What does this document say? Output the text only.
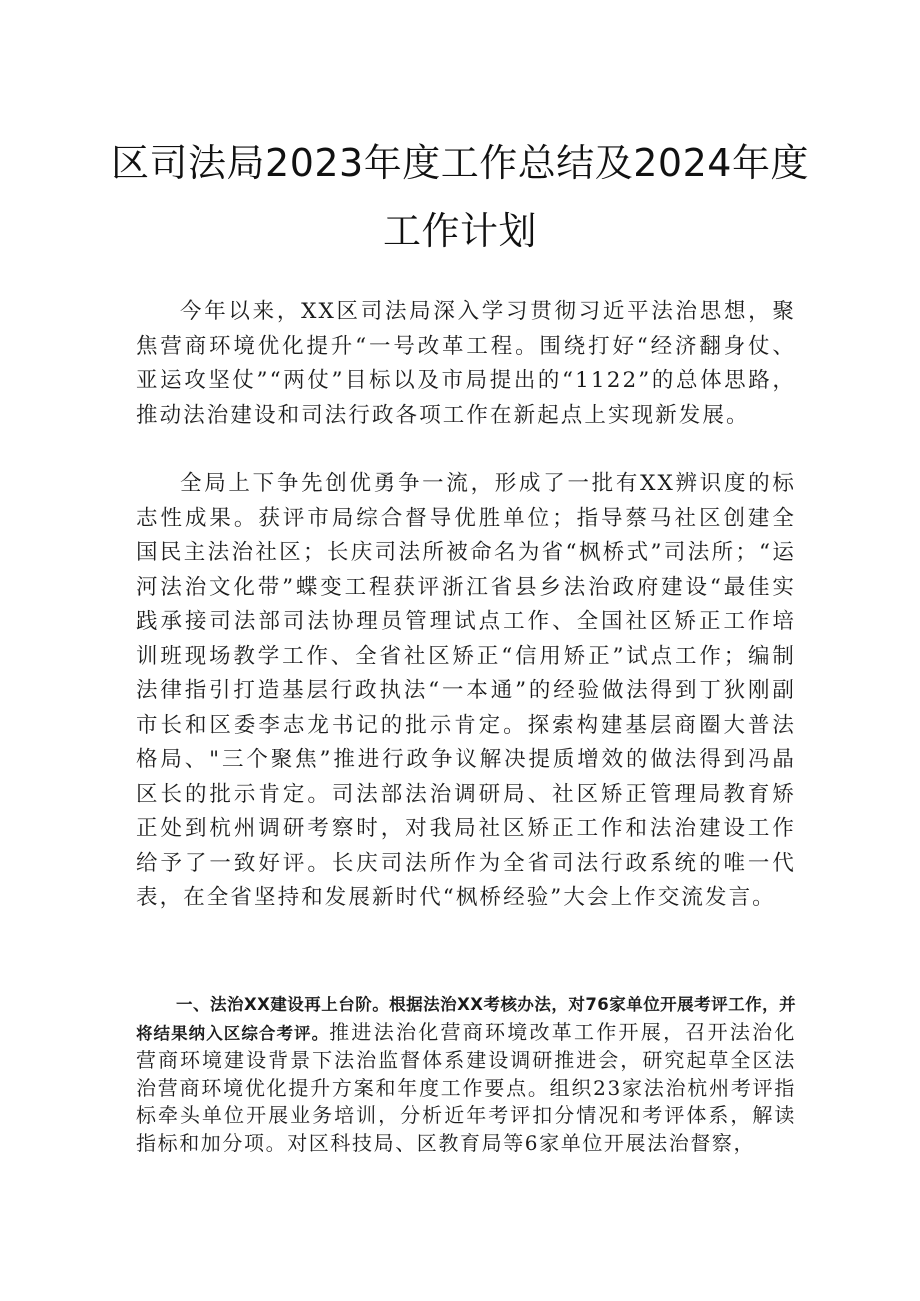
区司法局2023年度工作总结及2024年度
工作计划

今年以来，XX区司法局深入学习贯彻习近平法治思想，聚焦营商环境优化提升“一号改革工程。围绕打好“经济翻身仗、亚运攻坚仗”“两仗”目标以及市局提出的“1122”的总体思路，推动法治建设和司法行政各项工作在新起点上实现新发展。

全局上下争先创优勇争一流，形成了一批有XX辨识度的标志性成果。获评市局综合督导优胜单位；指导蔡马社区创建全国民主法治社区；长庆司法所被命名为省“枫桥式”司法所；“运河法治文化带”蝶变工程获评浙江省县乡法治政府建设“最佳实践承接司法部司法协理员管理试点工作、全国社区矫正工作培训班现场教学工作、全省社区矫正“信用矫正”试点工作；编制法律指引打造基层行政执法“一本通”的经验做法得到丁狄刚副市长和区委李志龙书记的批示肯定。探索构建基层商圈大普法格局、"三个聚焦”推进行政争议解决提质增效的做法得到冯晶区长的批示肯定。司法部法治调研局、社区矫正管理局教育矫正处到杭州调研考察时，对我局社区矫正工作和法治建设工作给予了一致好评。长庆司法所作为全省司法行政系统的唯一代表，在全省坚持和发展新时代“枫桥经验”大会上作交流发言。

一、法治XX建设再上台阶。根据法治XX考核办法，对76家单位开展考评工作，并将结果纳入区综合考评。推进法治化营商环境改革工作开展，召开法治化营商环境建设背景下法治监督体系建设调研推进会，研究起草全区法治营商环境优化提升方案和年度工作要点。组织23家法治杭州考评指标牵头单位开展业务培训，分析近年考评扣分情况和考评体系，解读指标和加分项。对区科技局、区教育局等6家单位开展法治督察，
